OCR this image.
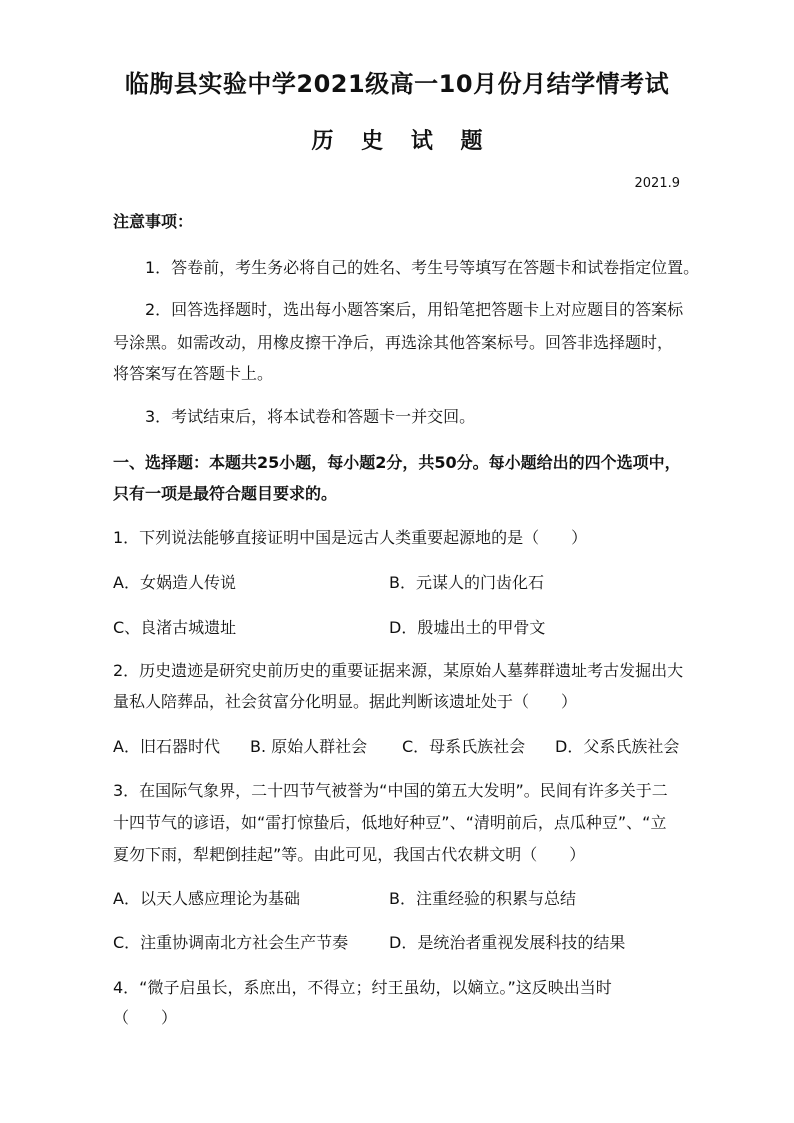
临朐县实验中学2021级高一10月份月结学情考试
历 史 试 题
2021.9
注意事项：
1．答卷前，考生务必将自己的姓名、考生号等填写在答题卡和试卷指定位置。
2．回答选择题时，选出每小题答案后，用铅笔把答题卡上对应题目的答案标
号涂黑。如需改动，用橡皮擦干净后，再选涂其他答案标号。回答非选择题时，
将答案写在答题卡上。
3．考试结束后，将本试卷和答题卡一并交回。
一、选择题：本题共25小题，每小题2分，共50分。每小题给出的四个选项中，
只有一项是最符合题目要求的。
1．下列说法能够直接证明中国是远古人类重要起源地的是（　　）
A．女娲造人传说	B．元谋人的门齿化石
C、良渚古城遗址	D．殷墟出土的甲骨文
2．历史遗迹是研究史前历史的重要证据来源，某原始人墓葬群遗址考古发掘出大
量私人陪葬品，社会贫富分化明显。据此判断该遗址处于（　　）
A．旧石器时代 B. 原始人群社会 C．母系氏族社会 D．父系氏族社会
3．在国际气象界，二十四节气被誉为“中国的第五大发明”。民间有许多关于二
十四节气的谚语，如“雷打惊蛰后，低地好种豆”、“清明前后，点瓜种豆”、“立
夏勿下雨，犁耙倒挂起”等。由此可见，我国古代农耕文明（　　）
A．以天人感应理论为基础	B．注重经验的积累与总结
C．注重协调南北方社会生产节奏	D．是统治者重视发展科技的结果
4．“微子启虽长，系庶出，不得立；纣王虽幼，以嫡立。”这反映出当时
（　　）
